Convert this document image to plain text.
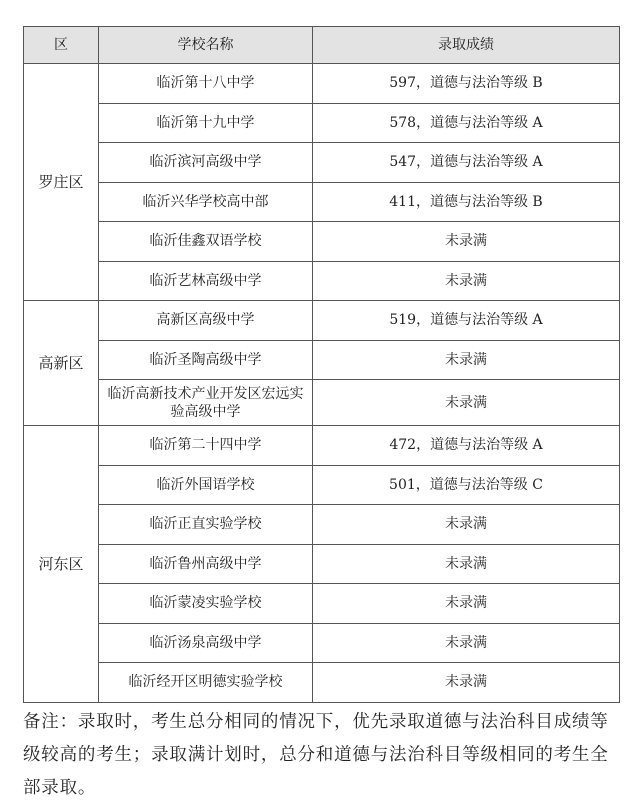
区	学校名称	录取成绩
罗庄区	临沂第十八中学	597，道德与法治等级 B
	临沂第十九中学	578，道德与法治等级 A
	临沂滨河高级中学	547，道德与法治等级 A
	临沂兴华学校高中部	411，道德与法治等级 B
	临沂佳鑫双语学校	未录满
	临沂艺林高级中学	未录满
高新区	高新区高级中学	519，道德与法治等级 A
	临沂圣陶高级中学	未录满
	临沂高新技术产业开发区宏远实验高级中学	未录满
河东区	临沂第二十四中学	472，道德与法治等级 A
	临沂外国语学校	501，道德与法治等级 C
	临沂正直实验学校	未录满
	临沂鲁州高级中学	未录满
	临沂蒙凌实验学校	未录满
	临沂汤泉高级中学	未录满
	临沂经开区明德实验学校	未录满
备注：录取时，考生总分相同的情况下，优先录取道德与法治科目成绩等级较高的考生；录取满计划时，总分和道德与法治科目等级相同的考生全部录取。
